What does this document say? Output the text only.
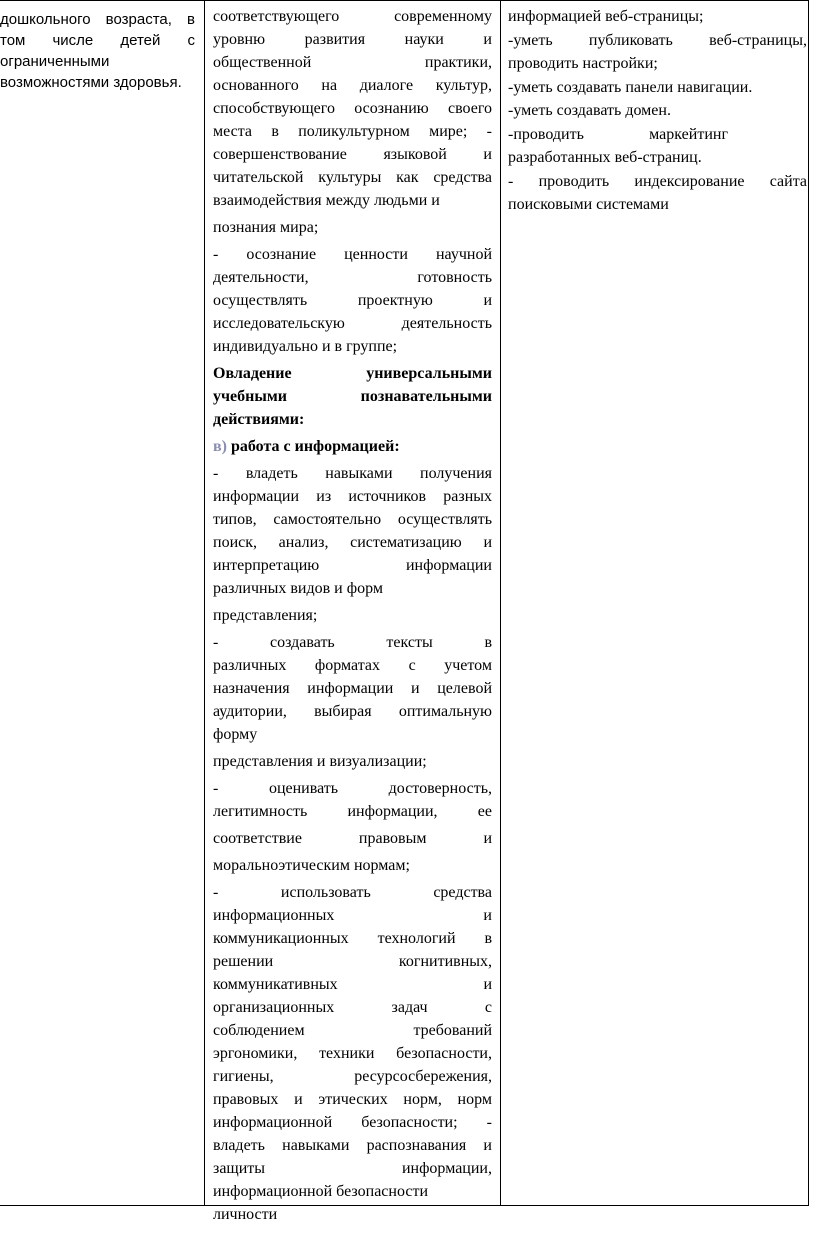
дошкольного возраста, в
том числе детей с
ограниченными
возможностями здоровья.
соответствующего современному
уровню развития науки и
общественной практики,
основанного на диалоге культур,
способствующего осознанию своего
места в поликультурном мире; -
совершенствование языковой и
читательской культуры как средства
взаимодействия между людьми и
познания мира;
- осознание ценности научной
деятельности, готовность
осуществлять проектную и
исследовательскую деятельность
индивидуально и в группе;
Овладение универсальными
учебными познавательными
действиями:
в) работа с информацией:
- владеть навыками получения
информации из источников разных
типов, самостоятельно осуществлять
поиск, анализ, систематизацию и
интерпретацию информации
различных видов и форм
представления;
- создавать тексты в
различных форматах с учетом
назначения информации и целевой
аудитории, выбирая оптимальную
форму
представления и визуализации;
- оценивать достоверность,
легитимность информации, ее
соответствие правовым и
моральноэтическим нормам;
- использовать средства
информационных и
коммуникационных технологий в
решении когнитивных,
коммуникативных и
организационных задач с
соблюдением требований
эргономики, техники безопасности,
гигиены, ресурсосбережения,
правовых и этических норм, норм
информационной безопасности; -
владеть навыками распознавания и
защиты информации,
информационной безопасности
личности
информацией веб-страницы;
-уметь публиковать веб-страницы,
проводить настройки;
-уметь создавать панели навигации.
-уметь создавать домен.
-проводить маркейтинг
разработанных веб-страниц.
- проводить индексирование сайта
поисковыми системами
